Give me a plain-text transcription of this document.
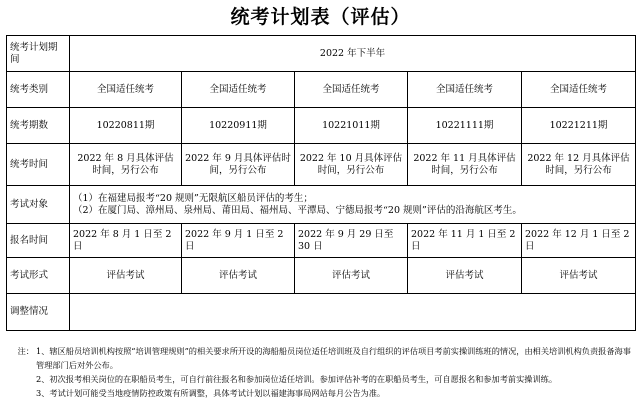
统考计划表（评估）
统考计划期间	2022 年下半年				
统考类别	全国适任统考	全国适任统考	全国适任统考	全国适任统考	全国适任统考
统考期数	10220811期	10220911期	10221011期	10221111期	10221211期
统考时间	2022 年 8 月具体评估时间，另行公布	2022 年 9 月具体评估时间，另行公布	2022 年 10 月具体评估时间，另行公布	2022 年 11 月具体评估时间，另行公布	2022 年 12 月具体评估时间，另行公布
考试对象	（1）在福建局报考“20 规则”无限航区船员评估的考生；
（2）在厦门局、漳州局、泉州局、莆田局、福州局、平潭局、宁德局报考“20 规则”评估的沿海航区考生。				

报名时间	2022 年 8 月 1 日至 2 日	2022 年 9 月 1 日至 2 日	2022 年 9 月 29 日至 30 日	2022 年 11 月 1 日至 2 日	2022 年 12 月 1 日至 2 日
考试形式	评估考试	评估考试	评估考试	评估考试	评估考试
调整情况					
注： 1、辖区船员培训机构按照“培训管理规则”的相关要求所开设的海船船员岗位适任培训班及自行组织的评估项目考前实操训练班的情况，由相关培训机构负责报备海事管理部门后对外公布。
2、初次报考相关岗位的在职船员考生，可自行前往报名和参加岗位适任培训。参加评估补考的在职船员考生，可自愿报名和参加考前实操训练。
3、考试计划可能受当地疫情防控政策有所调整，具体考试计划以福建海事局网站每月公告为准。
